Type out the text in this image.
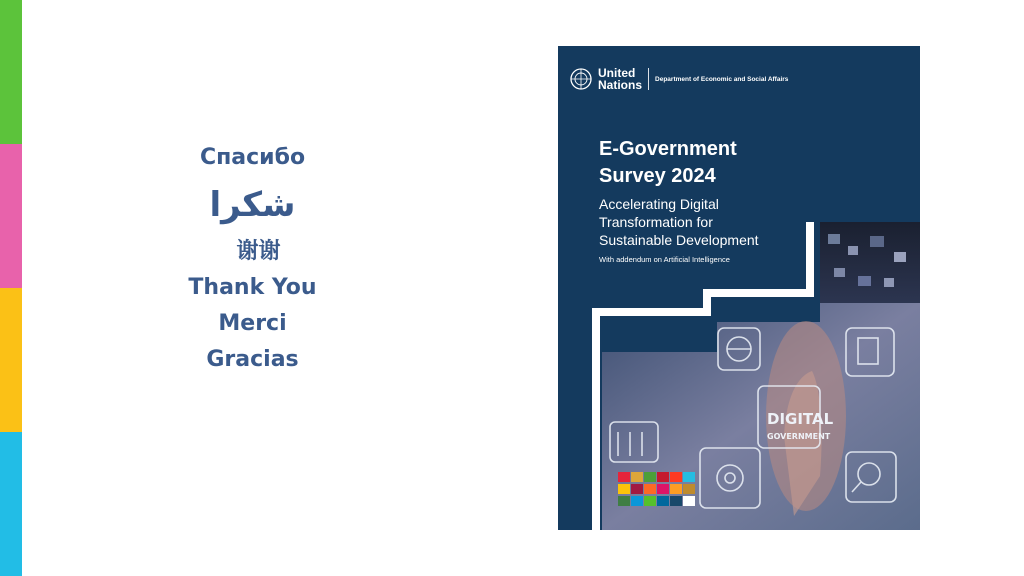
Спасибо
شكرا
谢谢
Thank You
Merci
Gracias
DIGITAL
GOVERNMENT
United
Nations Department of Economic and Social Affairs
E-Government
Survey 2024
Accelerating Digital
Transformation for
Sustainable Development
With addendum on Artificial Intelligence
